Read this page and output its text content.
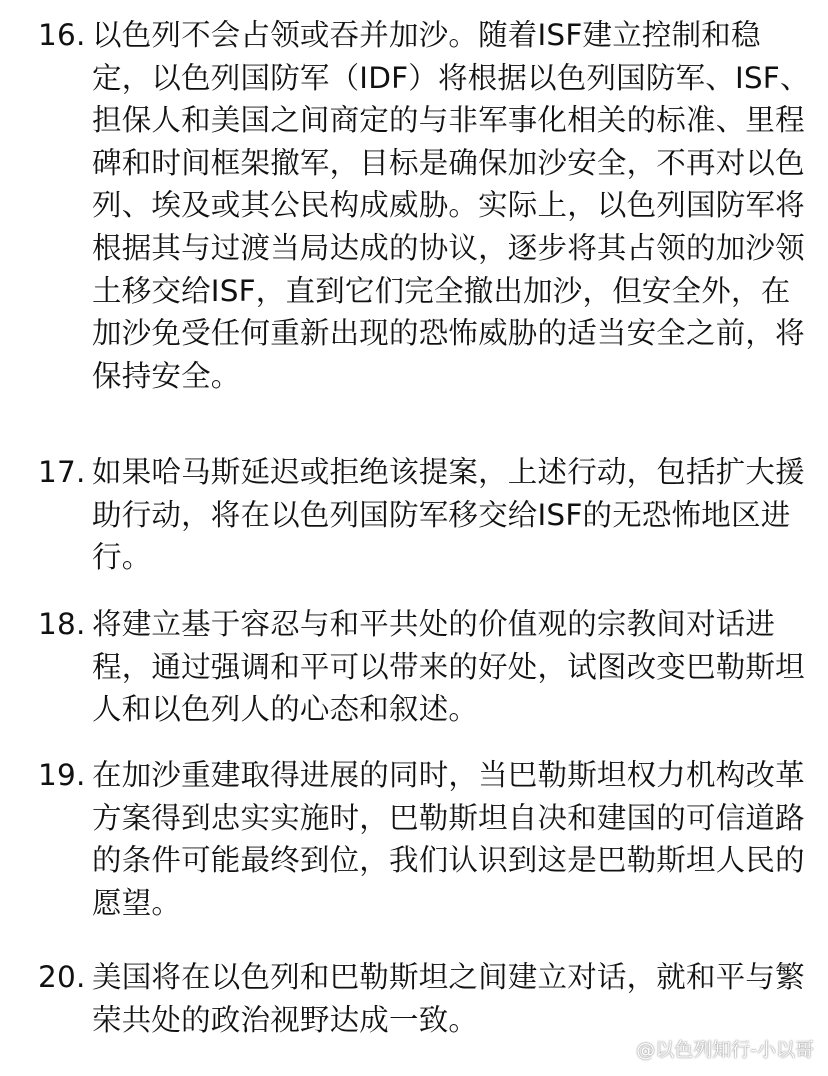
16. 以色列不会占领或吞并加沙。随着ISF建立控制和稳
定，以色列国防军（IDF）将根据以色列国防军、ISF、
担保人和美国之间商定的与非军事化相关的标准、里程
碑和时间框架撤军，目标是确保加沙安全，不再对以色
列、埃及或其公民构成威胁。实际上，以色列国防军将
根据其与过渡当局达成的协议，逐步将其占领的加沙领
土移交给ISF，直到它们完全撤出加沙，但安全外，在
加沙免受任何重新出现的恐怖威胁的适当安全之前，将
保持安全。
17. 如果哈马斯延迟或拒绝该提案，上述行动，包括扩大援
助行动，将在以色列国防军移交给ISF的无恐怖地区进
行。
18. 将建立基于容忍与和平共处的价值观的宗教间对话进
程，通过强调和平可以带来的好处，试图改变巴勒斯坦
人和以色列人的心态和叙述。
19. 在加沙重建取得进展的同时，当巴勒斯坦权力机构改革
方案得到忠实实施时，巴勒斯坦自决和建国的可信道路
的条件可能最终到位，我们认识到这是巴勒斯坦人民的
愿望。
20. 美国将在以色列和巴勒斯坦之间建立对话，就和平与繁
荣共处的政治视野达成一致。
@以色列知行-小以哥
